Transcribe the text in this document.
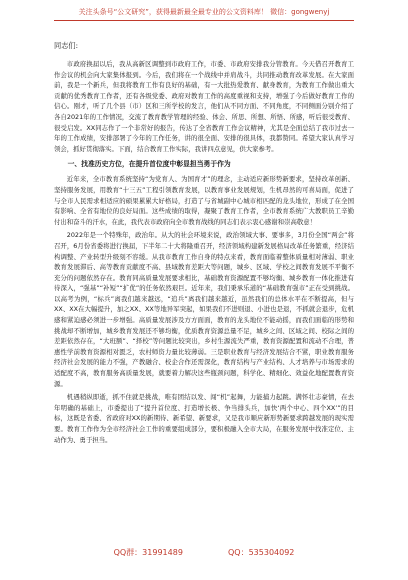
关注头条号“公文研究”，获得最新最全最专业的公文资料库！ 微信：gongwenyj

同志们:

市政府换届以后，我从高新区调整到市政府工作，市委、市政府安排我分管教育。今天借召开教育工作会议的机会向大家集体报到。今后，我们将在一个战线中并肩战斗，共同推动教育改革发展。在大家面前，我是一个新兵，但我将教育工作有良好的基础，有一大批热爱教育、献身教育，为教育工作做出重大贡献的优秀教育工作者，还有各级党委、政府对教育工作的高度重视和支持，增强了今后做好教育工作的信心。刚才，听了几个县（市）区和三所学校的发言，他们从不同方面、不同角度，不同侧面分别介绍了各自2021年的工作情况，交流了教育教学管理的经验、体会、所思、所想、所悟、所感，听后很受教育、很受启发。XX同志作了一个非常好的报告，传达了全省教育工作会议精神，尤其是全面总结了我市过去一年的工作成绩，安排部署了今年的工作任务，讲的很全面、安排的很具体，我都赞同。希望大家认真学习领会，抓好贯彻落实。下面，结合教育工作实际，我讲四点意见，供大家参考。

一、找准历史方位，在提升首位度中彰显担当勇于作为

近年来，全市教育系统坚持“为党育人、为国育才”的理念，主动适应新形势新要求，坚持改革创新、坚持服务发展，用教育“十三五”工程引领教育发展，以教育事业发展规划，生机昂然的可喜局面，促进了与全市人民需求相适应的硕果累累大好格局，打造了与省城副中心城市相匹配的龙头地位，形成了在全国有影响、全省有地位的良好局面。这些成绩的取得，凝聚了教育工作者，全市教育系统广大教职员工辛勤付出和奋斗的汗水，在此，我代表市政府向全市教育战线的同志们表示衷心感谢和崇高敬意！

2022年是一个特殊年，政治年。从大的社会环境来说，政治领域大事、要事多，3月份全国“两会”将召开，6月份省委将进行换届，下半年二十大将隆重召开，经济领域构建新发展格局改革任务繁重，经济结构调整、产业转型升级刻不容缓。从我市教育工作自身的特点来看，教育面临着整体质量相对薄弱、职业教育发展滞后、高等教育贡献度不高、县域教育差距大等问题，城乡、区域、学校之间教育发展不平衡不充分的问题依然存在。教育同高质量发展要求相比，基础教育资源配置不够均衡、城乡教育一体化推进有待深入，“强基”“补短”“扩优”的任务依然艰巨。近年来，我们秉承乐道的“基础教育强市”正在受到挑战。以高考为例，“标兵”离我们越来越远，“追兵”离我们越来越近，虽然我们的总体水平在不断提高，但与XX、XX在大幅提升，加之XX、XX等地异军突起，如果我们不进则退、小进也是退，不抓就会退步，危机感和紧迫感必须进一步增强。高质量发展涉及方方面面，教育的龙头地位不能动摇，而我们面临的形势和挑战却不断增加，城乡教育发展还不够均衡，优质教育资源总量不足，城乡之间、区域之间、校际之间的差距依然存在，“大班额”、“择校”等问题比较突出，乡村生源流失严重，教育资源配置和流动不合理，普惠性学前教育资源相对匮乏，农村师资力量比较薄弱。三是职业教育与经济发展结合不紧，职业教育服务经济社会发展的能力不强，产教融合、校企合作还需深化，教育结构与产业结构、人才培养与市场需求的适配度不高，教育服务高质量发展，就要着力解决这些瓶颈问题，科学化、精细化、效益化地配置教育资源。

机遇稍纵即逝，抓不住就是挑战，唯有团结以发、闯“机”起舞，力能捕力起跳。满怀壮志豪情，在去年明确的基础上，市委提出了“提升首位度、打造增长极、争当排头兵，加快‘两个中心、四个XX’”的目标，这既是省委、省政府对XX的新期待、新希望、新要求，又是我市顺应新形势新要求跨越发展的现实需要。教育工作作为全市经济社会工作的重要组成部分，要积极融入全市大局，在服务发展中找准定位、主动作为、勇于担当。

QQ群：31991489	QQ：535304092
